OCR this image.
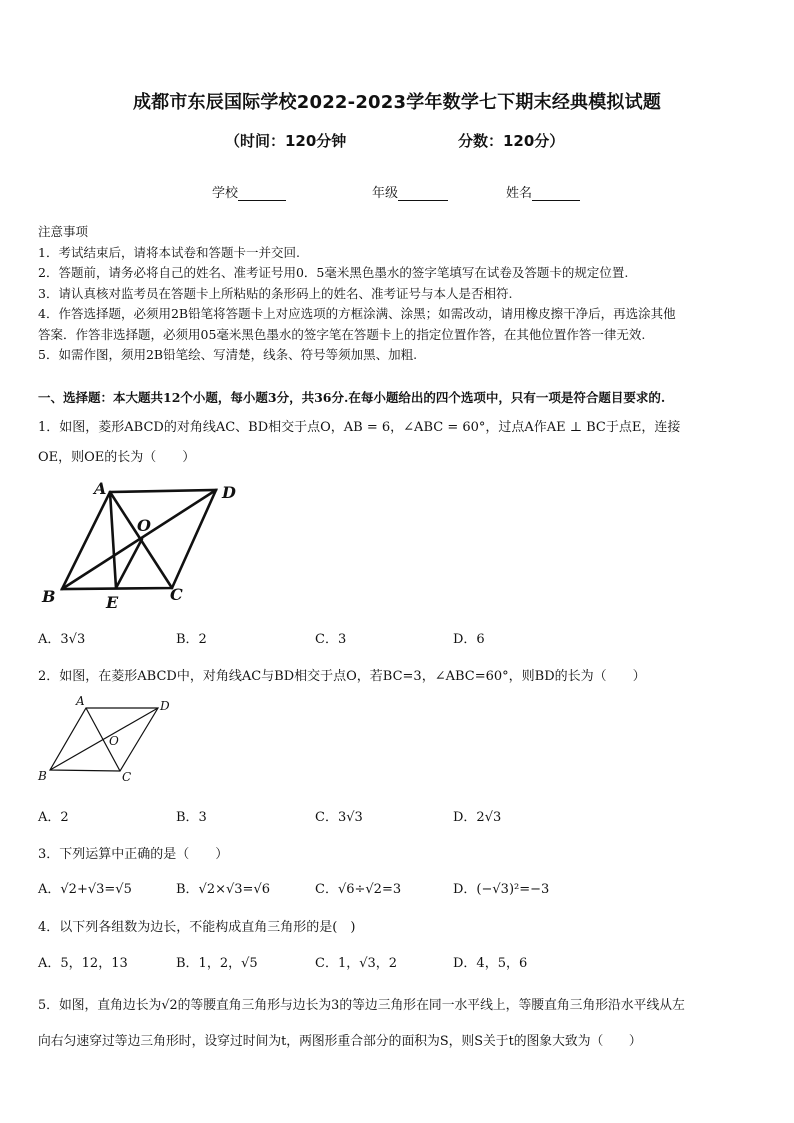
成都市东辰国际学校2022-2023学年数学七下期末经典模拟试题
（时间：120分钟	分数：120分）
学校	年级	姓名
注意事项
1．考试结束后，请将本试卷和答题卡一并交回.
2．答题前，请务必将自己的姓名、准考证号用0．5毫米黑色墨水的签字笔填写在试卷及答题卡的规定位置.
3．请认真核对监考员在答题卡上所粘贴的条形码上的姓名、准考证号与本人是否相符.
4．作答选择题，必须用2B铅笔将答题卡上对应选项的方框涂满、涂黑；如需改动，请用橡皮擦干净后，再选涂其他
答案．作答非选择题，必须用05毫米黑色墨水的签字笔在答题卡上的指定位置作答，在其他位置作答一律无效.
5．如需作图，须用2B铅笔绘、写清楚，线条、符号等须加黑、加粗.
一、选择题：本大题共12个小题，每小题3分，共36分.在每小题给出的四个选项中，只有一项是符合题目要求的.
1．如图，菱形ABCD的对角线AC、BD相交于点O，AB = 6，∠ABC = 60°，过点A作AE ⊥ BC于点E，连接
OE，则OE的长为（　　）
A	D
O
B	E	C
A．3√3	B．2	C．3	D．6
2．如图，在菱形ABCD中，对角线AC与BD相交于点O，若BC=3，∠ABC=60°，则BD的长为（　　）
A	D
O
B	C
A．2	B．3	C．3√3	D．2√3
3．下列运算中正确的是（　　）
A．√2+√3=√5	B．√2×√3=√6	C．√6÷√2=3	D．(−√3)²=−3
4．以下列各组数为边长，不能构成直角三角形的是(　)
A．5，12，13	B．1，2，√5	C．1，√3，2	D．4，5，6
5．如图，直角边长为√2的等腰直角三角形与边长为3的等边三角形在同一水平线上，等腰直角三角形沿水平线从左
向右匀速穿过等边三角形时，设穿过时间为t，两图形重合部分的面积为S，则S关于t的图象大致为（　　）
